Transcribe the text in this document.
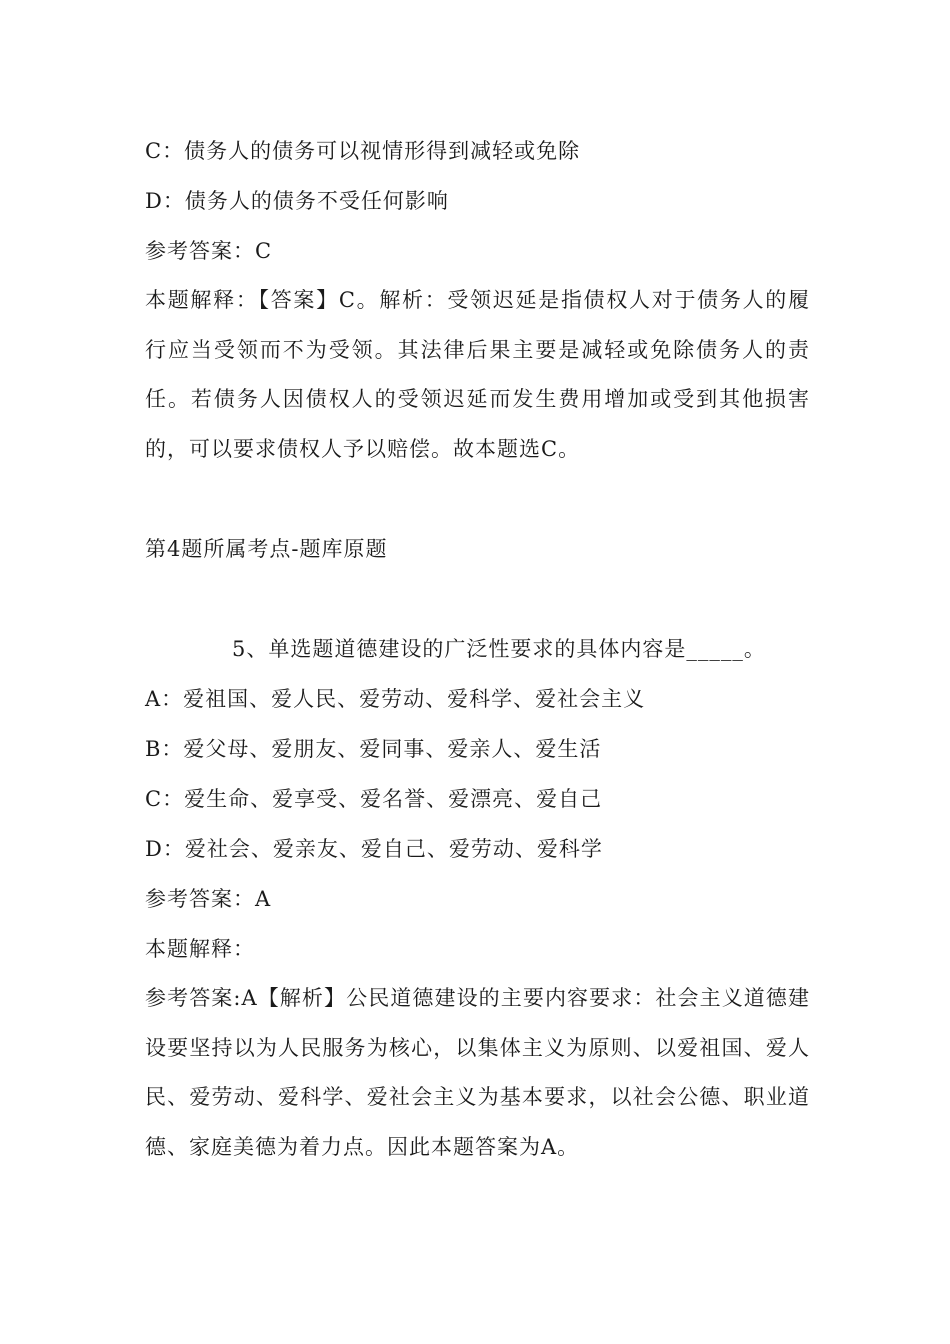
C：债务人的债务可以视情形得到减轻或免除
D：债务人的债务不受任何影响
参考答案：C
本题解释：【答案】C。解析：受领迟延是指债权人对于债务人的履行应当受领而不为受领。其法律后果主要是减轻或免除债务人的责任。若债务人因债权人的受领迟延而发生费用增加或受到其他损害的，可以要求债权人予以赔偿。故本题选C。
第4题所属考点-题库原题
5、单选题道德建设的广泛性要求的具体内容是_____。
A：爱祖国、爱人民、爱劳动、爱科学、爱社会主义
B：爱父母、爱朋友、爱同事、爱亲人、爱生活
C：爱生命、爱享受、爱名誉、爱漂亮、爱自己
D：爱社会、爱亲友、爱自己、爱劳动、爱科学
参考答案：A
本题解释：
参考答案:A【解析】公民道德建设的主要内容要求：社会主义道德建设要坚持以为人民服务为核心，以集体主义为原则、以爱祖国、爱人民、爱劳动、爱科学、爱社会主义为基本要求，以社会公德、职业道德、家庭美德为着力点。因此本题答案为A。
